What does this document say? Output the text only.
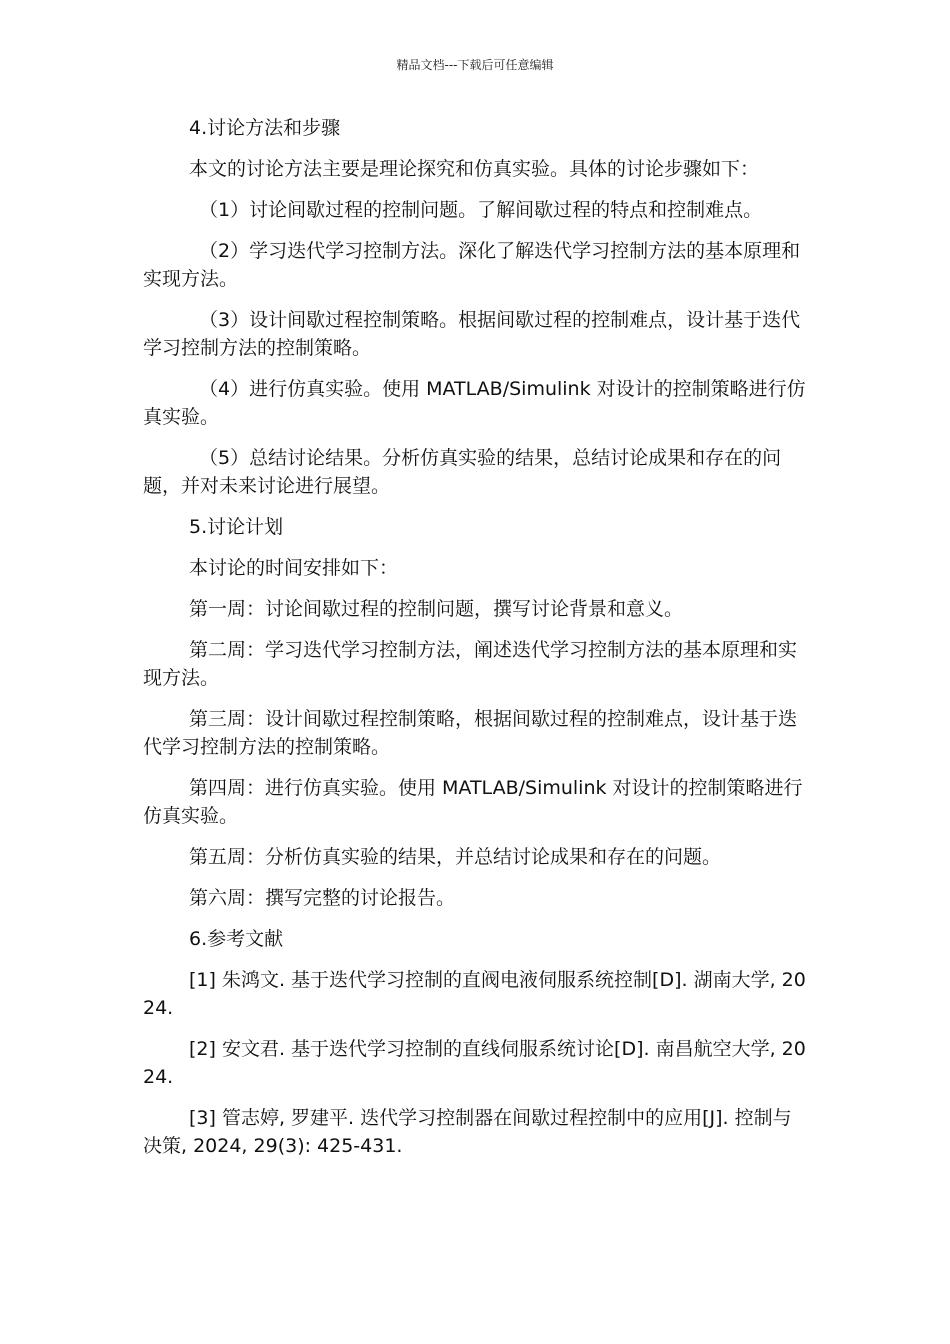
精品文档---下载后可任意编辑

4.讨论方法和步骤

本文的讨论方法主要是理论探究和仿真实验。具体的讨论步骤如下：

（1）讨论间歇过程的控制问题。了解间歇过程的特点和控制难点。

（2）学习迭代学习控制方法。深化了解迭代学习控制方法的基本原理和实现方法。

（3）设计间歇过程控制策略。根据间歇过程的控制难点，设计基于迭代学习控制方法的控制策略。

（4）进行仿真实验。使用 MATLAB/Simulink 对设计的控制策略进行仿真实验。

（5）总结讨论结果。分析仿真实验的结果，总结讨论成果和存在的问题，并对未来讨论进行展望。

5.讨论计划

本讨论的时间安排如下：

第一周：讨论间歇过程的控制问题，撰写讨论背景和意义。

第二周：学习迭代学习控制方法，阐述迭代学习控制方法的基本原理和实现方法。

第三周：设计间歇过程控制策略，根据间歇过程的控制难点，设计基于迭代学习控制方法的控制策略。

第四周：进行仿真实验。使用 MATLAB/Simulink 对设计的控制策略进行仿真实验。

第五周：分析仿真实验的结果，并总结讨论成果和存在的问题。

第六周：撰写完整的讨论报告。

6.参考文献

[1] 朱鸿文. 基于迭代学习控制的直阀电液伺服系统控制[D]. 湖南大学, 2024.

[2] 安文君. 基于迭代学习控制的直线伺服系统讨论[D]. 南昌航空大学, 2024.

[3] 管志婷, 罗建平. 迭代学习控制器在间歇过程控制中的应用[J]. 控制与决策, 2024, 29(3): 425-431.
